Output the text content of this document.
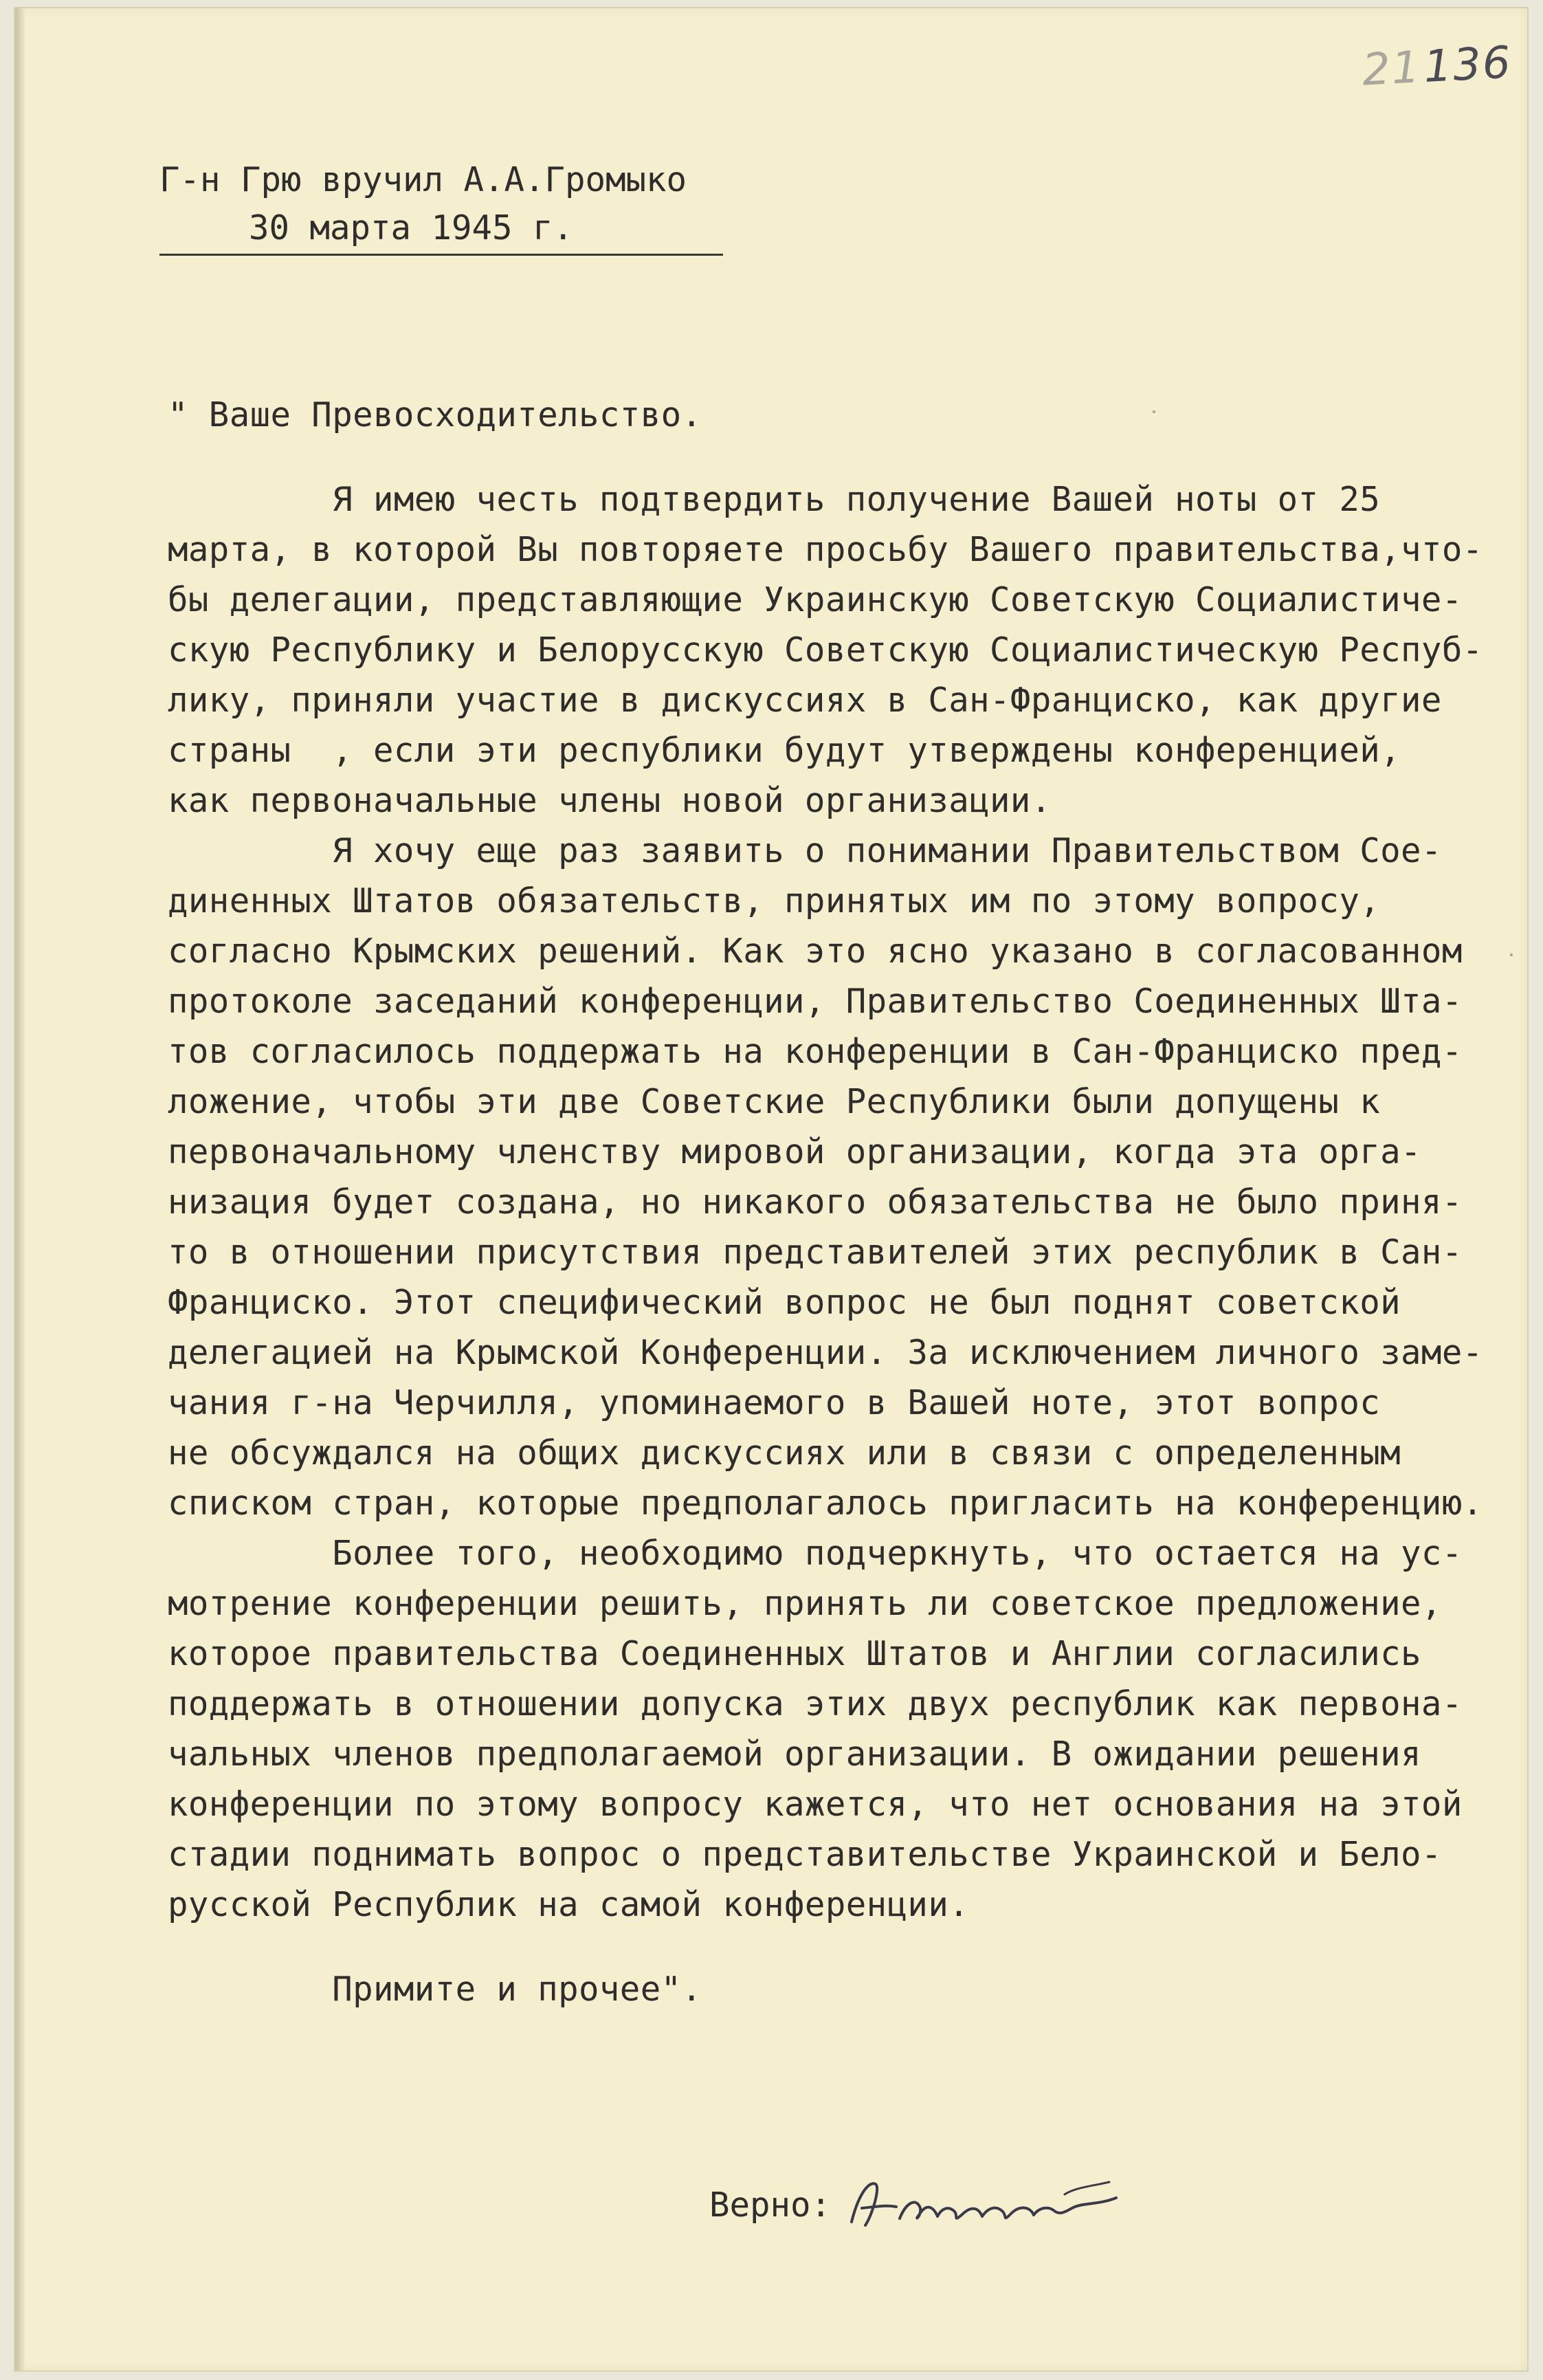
21136
Г-н Грю вручил А.А.Громыко
30 марта 1945 г.
" Ваше Превосходительство.
Я имею честь подтвердить получение Вашей ноты от 25
марта, в которой Вы повторяете просьбу Вашего правительства,что-
бы делегации, представляющие Украинскую Советскую Социалистиче-
скую Республику и Белорусскую Советскую Социалистическую Респуб-
лику, приняли участие в дискуссиях в Сан-Франциско, как другие
страны  , если эти республики будут утверждены конференцией,
как первоначальные члены новой организации.
Я хочу еще раз заявить о понимании Правительством Сое-
диненных Штатов обязательств, принятых им по этому вопросу,
согласно Крымских решений. Как это ясно указано в согласованном
протоколе заседаний конференции, Правительство Соединенных Шта-
тов согласилось поддержать на конференции в Сан-Франциско пред-
ложение, чтобы эти две Советские Республики были допущены к
первоначальному членству мировой организации, когда эта орга-
низация будет создана, но никакого обязательства не было приня-
то в отношении присутствия представителей этих республик в Сан-
Франциско. Этот специфический вопрос не был поднят советской
делегацией на Крымской Конференции. За исключением личного заме-
чания г-на Черчилля, упоминаемого в Вашей ноте, этот вопрос
не обсуждался на общих дискуссиях или в связи с определенным
списком стран, которые предполагалось пригласить на конференцию.
Более того, необходимо подчеркнуть, что остается на ус-
мотрение конференции решить, принять ли советское предложение,
которое правительства Соединенных Штатов и Англии согласились
поддержать в отношении допуска этих двух республик как первона-
чальных членов предполагаемой организации. В ожидании решения
конференции по этому вопросу кажется, что нет основания на этой
стадии поднимать вопрос о представительстве Украинской и Бело-
русской Республик на самой конференции.
Примите и прочее".
Верно:
